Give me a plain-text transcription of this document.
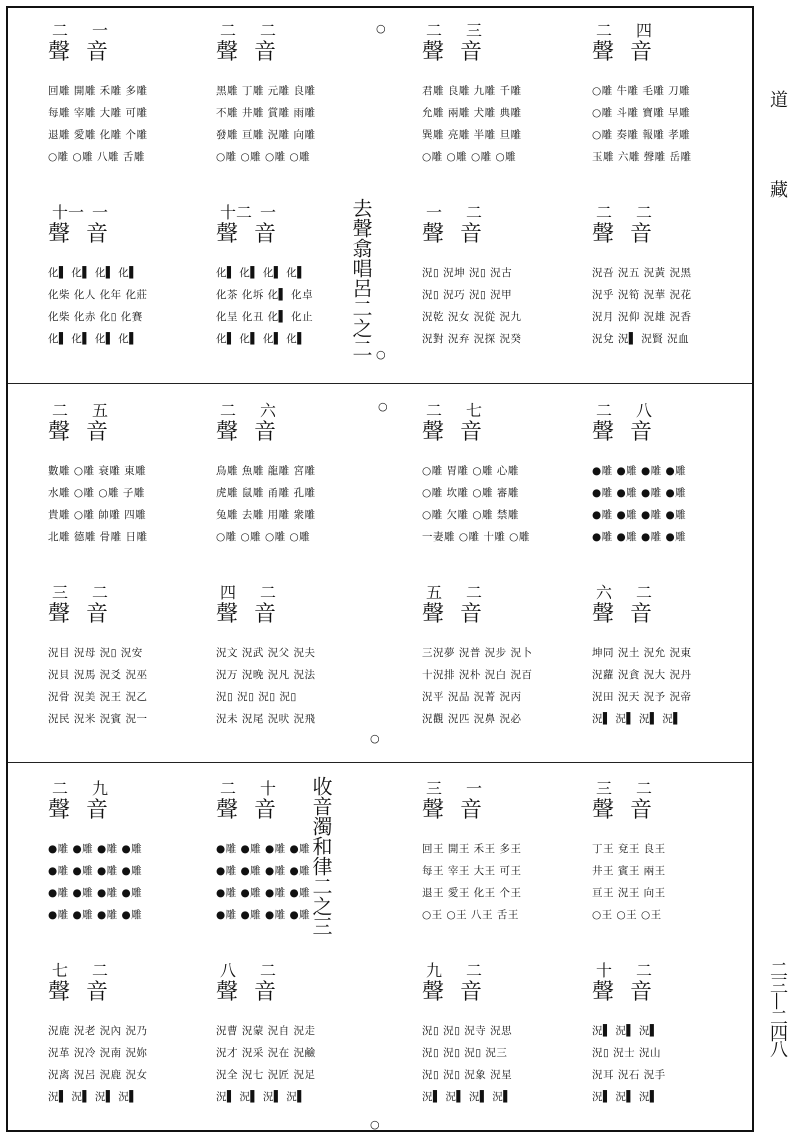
道
藏
二三—二四八
去聲翕唱呂二之二
收音濁和律二之三
○
○
○
○
○
二 四
聲 音
○雕 牛雕 毛雕 刀雕
○雕 斗雕 寶雕 早雕
○雕 奏雕 報雕 孝雕
玉雕 六雕 聲雕 岳雕
二 三
聲 音
君雕 良雕 九雕 千雕
允雕 兩雕 犬雕 典雕
巽雕 亮雕 半雕 旦雕
○雕 ○雕 ○雕 ○雕
二 二
聲 音
黑雕 丁雕 元雕 良雕
不雕 井雕 賞雕 雨雕
發雕 亘雕 況雕 向雕
○雕 ○雕 ○雕 ○雕
二 一
聲 音
回雕 開雕 禾雕 多雕
每雕 宰雕 大雕 可雕
退雕 愛雕 化雕 个雕
○雕 ○雕 八雕 舌雕
二 二
聲 音
況吾 況五 況黃 況黑
況乎 況筍 況華 況花
況月 況仰 況雄 況香
況兌 況▌ 況賢 況血
一 二
聲 音
況▯ 況坤 況▯ 況古
況▯ 況巧 況▯ 況甲
況乾 況女 況從 況九
況對 況弃 況探 況癸
十二 一
聲 音
化▌ 化▌ 化▌ 化▌
化茶 化坼 化▌ 化卓
化呈 化丑 化▌ 化止
化▌ 化▌ 化▌ 化▌
十一 一
聲 音
化▌ 化▌ 化▌ 化▌
化柴 化人 化年 化莊
化柴 化赤 化▯ 化賽
化▌ 化▌ 化▌ 化▌
二 八
聲 音
●雕 ●雕 ●雕 ●雕
●雕 ●雕 ●雕 ●雕
●雕 ●雕 ●雕 ●雕
●雕 ●雕 ●雕 ●雕
二 七
聲 音
○雕 胃雕 ○雕 心雕
○雕 坎雕 ○雕 審雕
○雕 欠雕 ○雕 禁雕
一妻雕 ○雕 十雕 ○雕
二 六
聲 音
鳥雕 魚雕 龍雕 宮雕
虎雕 鼠雕 甬雕 孔雕
兔雕 去雕 用雕 衆雕
○雕 ○雕 ○雕 ○雕
二 五
聲 音
數雕 ○雕 衰雕 東雕
水雕 ○雕 ○雕 子雕
貴雕 ○雕 帥雕 四雕
北雕 德雕 骨雕 日雕
六 二
聲 音
坤同 況土 況允 況東
況蘿 況貪 況大 況丹
況田 況天 況予 況帝
況▌ 況▌ 況▌ 況▌
五 二
聲 音
三況夢 況普 況步 況卜
十況排 況朴 況白 況百
況平 況品 況菁 況丙
況觀 況匹 況鼻 況必
四 二
聲 音
況文 況武 況父 況夫
況万 況晚 況凡 況法
況▯ 況▯ 況▯ 況▯
況未 況尾 況吠 況飛
三 二
聲 音
況目 況母 況▯ 況安
況貝 況馬 況爻 況巫
況骨 況美 況王 況乙
況民 況米 況賓 況一
三 二
聲 音
丁王 兗王 良王
井王 賓王 兩王
亘王 況王 向王
○王 ○王 ○王
三 一
聲 音
回王 開王 禾王 多王
每王 宰王 大王 可王
退王 愛王 化王 个王
○王 ○王 八王 舌王
二 十
聲 音
●雕 ●雕 ●雕 ●雕
●雕 ●雕 ●雕 ●雕
●雕 ●雕 ●雕 ●雕
●雕 ●雕 ●雕 ●雕
二 九
聲 音
●雕 ●雕 ●雕 ●雕
●雕 ●雕 ●雕 ●雕
●雕 ●雕 ●雕 ●雕
●雕 ●雕 ●雕 ●雕
十 二
聲 音
況▌ 況▌ 況▌
況▯ 況士 況山
況耳 況石 況手
況▌ 況▌ 況▌
九 二
聲 音
況▯ 況▯ 況寺 況思
況▯ 況▯ 況▯ 況三
況▯ 況▯ 況象 況星
況▌ 況▌ 況▌ 況▌
八 二
聲 音
況曹 況蒙 況自 況走
況才 況采 況在 況鹼
況全 況七 況匠 況足
況▌ 況▌ 況▌ 況▌
七 二
聲 音
況鹿 況老 況內 況乃
況革 況冷 況南 況妳
況离 況呂 況鹿 況女
況▌ 況▌ 況▌ 況▌
